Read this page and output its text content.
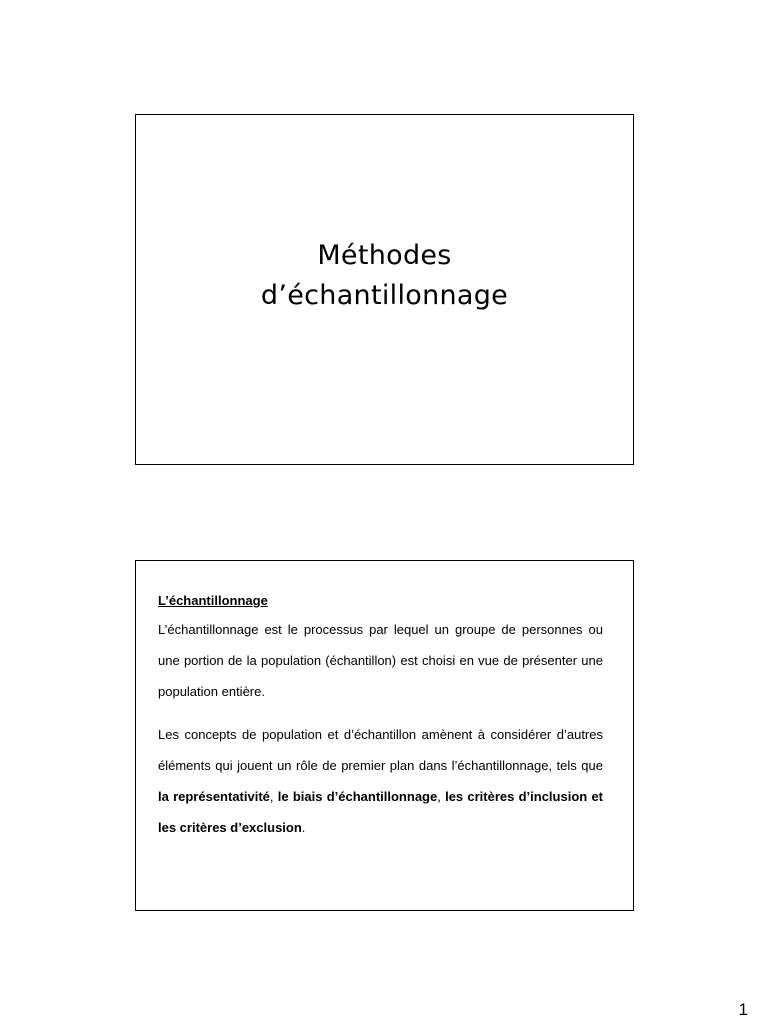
Méthodes
d’échantillonnage

L’échantillonnage

L’échantillonnage est le processus par lequel un groupe de personnes ou une portion de la population (échantillon) est choisi en vue de présenter une population entière.

Les concepts de population et d’échantillon amènent à considérer d’autres éléments qui jouent un rôle de premier plan dans l’échantillonnage, tels que la représentativité, le biais d’échantillonnage, les critères d’inclusion et les critères d’exclusion.

1
